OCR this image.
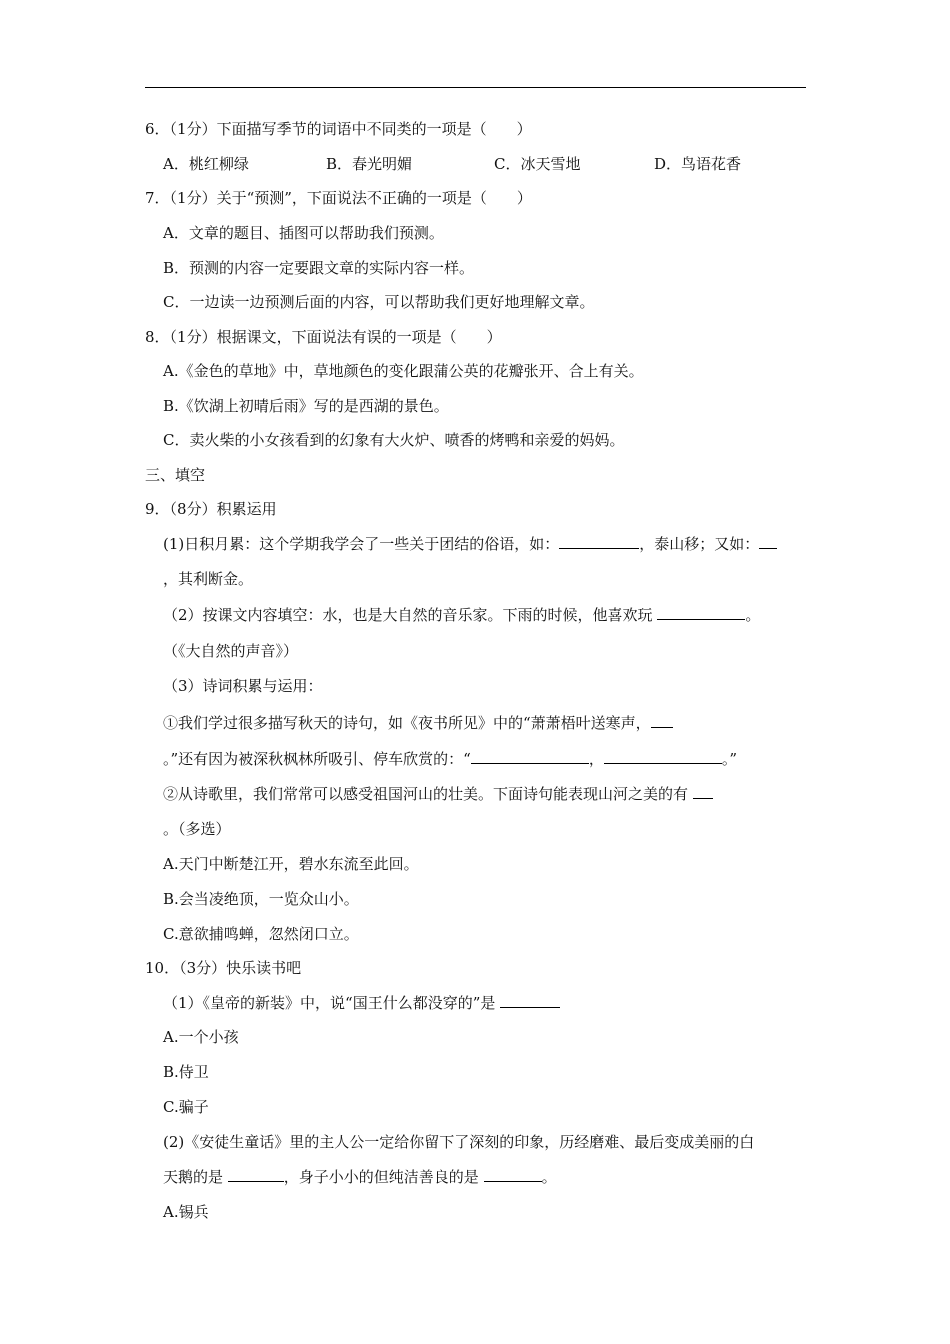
6．（1分）下面描写季节的词语中不同类的一项是（　　）
A．桃红柳绿	B．春光明媚	C．冰天雪地	D．鸟语花香
7．（1分）关于“预测”，下面说法不正确的一项是（　　）
A．文章的题目、插图可以帮助我们预测。
B．预测的内容一定要跟文章的实际内容一样。
C．一边读一边预测后面的内容，可以帮助我们更好地理解文章。
8．（1分）根据课文，下面说法有误的一项是（　　）
A.《金色的草地》中，草地颜色的变化跟蒲公英的花瓣张开、合上有关。
B.《饮湖上初晴后雨》写的是西湖的景色。
C．卖火柴的小女孩看到的幻象有大火炉、喷香的烤鸭和亲爱的妈妈。
三、填空
9．（8分）积累运用
(1)日积月累：这个学期我学会了一些关于团结的俗语，如：	，泰山移；又如：
，其利断金。
（2）按课文内容填空：水，也是大自然的音乐家。下雨的时候，他喜欢玩	。
（《大自然的声音》）
（3）诗词积累与运用：
①我们学过很多描写秋天的诗句，如《夜书所见》中的“萧萧梧叶送寒声，
。”还有因为被深秋枫林所吸引、停车欣赏的：“	，	。”
②从诗歌里，我们常常可以感受祖国河山的壮美。下面诗句能表现山河之美的有
。（多选）
A.天门中断楚江开，碧水东流至此回。
B.会当凌绝顶，一览众山小。
C.意欲捕鸣蝉，忽然闭口立。
10．（3分）快乐读书吧
（1）《皇帝的新装》中，说“国王什么都没穿的”是
A.一个小孩
B.侍卫
C.骗子
(2)《安徒生童话》里的主人公一定给你留下了深刻的印象，历经磨难、最后变成美丽的白
天鹅的是	，身子小小的但纯洁善良的是	。
A.锡兵
